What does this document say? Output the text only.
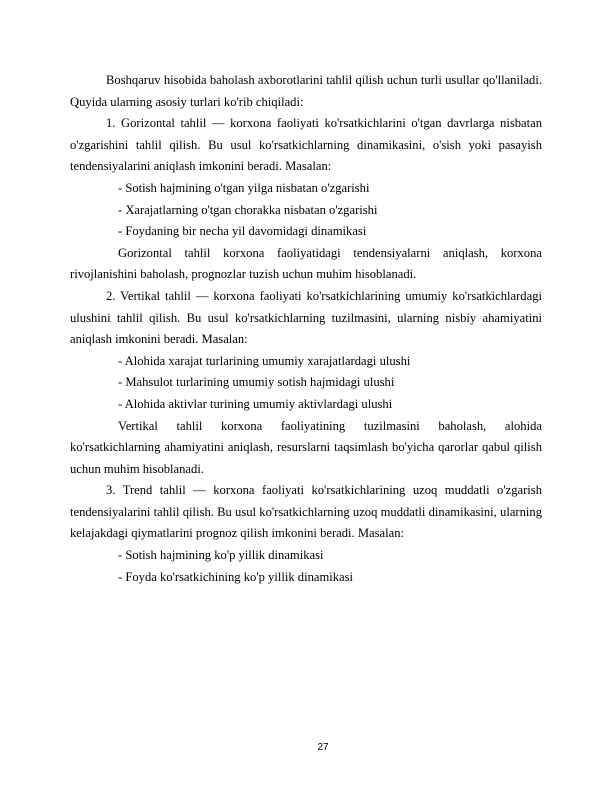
Boshqaruv hisobida baholash axborotlarini tahlil qilish uchun turli usullar qo'llaniladi. Quyida ularning asosiy turlari ko'rib chiqiladi:

1. Gorizontal tahlil — korxona faoliyati ko'rsatkichlarini o'tgan davrlarga nisbatan o'zgarishini tahlil qilish. Bu usul ko'rsatkichlarning dinamikasini, o'sish yoki pasayish tendensiyalarini aniqlash imkonini beradi. Masalan:

- Sotish hajmining o'tgan yilga nisbatan o'zgarishi

- Xarajatlarning o'tgan chorakka nisbatan o'zgarishi

- Foydaning bir necha yil davomidagi dinamikasi

Gorizontal tahlil korxona faoliyatidagi tendensiyalarni aniqlash, korxona rivojlanishini baholash, prognozlar tuzish uchun muhim hisoblanadi.

2. Vertikal tahlil — korxona faoliyati ko'rsatkichlarining umumiy ko'rsatkichlardagi ulushini tahlil qilish. Bu usul ko'rsatkichlarning tuzilmasini, ularning nisbiy ahamiyatini aniqlash imkonini beradi. Masalan:

- Alohida xarajat turlarining umumiy xarajatlardagi ulushi

- Mahsulot turlarining umumiy sotish hajmidagi ulushi

- Alohida aktivlar turining umumiy aktivlardagi ulushi

Vertikal tahlil korxona faoliyatining tuzilmasini baholash, alohida ko'rsatkichlarning ahamiyatini aniqlash, resurslarni taqsimlash bo'yicha qarorlar qabul qilish uchun muhim hisoblanadi.

3. Trend tahlil — korxona faoliyati ko'rsatkichlarining uzoq muddatli o'zgarish tendensiyalarini tahlil qilish. Bu usul ko'rsatkichlarning uzoq muddatli dinamikasini, ularning kelajakdagi qiymatlarini prognoz qilish imkonini beradi. Masalan:

- Sotish hajmining ko'p yillik dinamikasi

- Foyda ko'rsatkichining ko'p yillik dinamikasi

27
